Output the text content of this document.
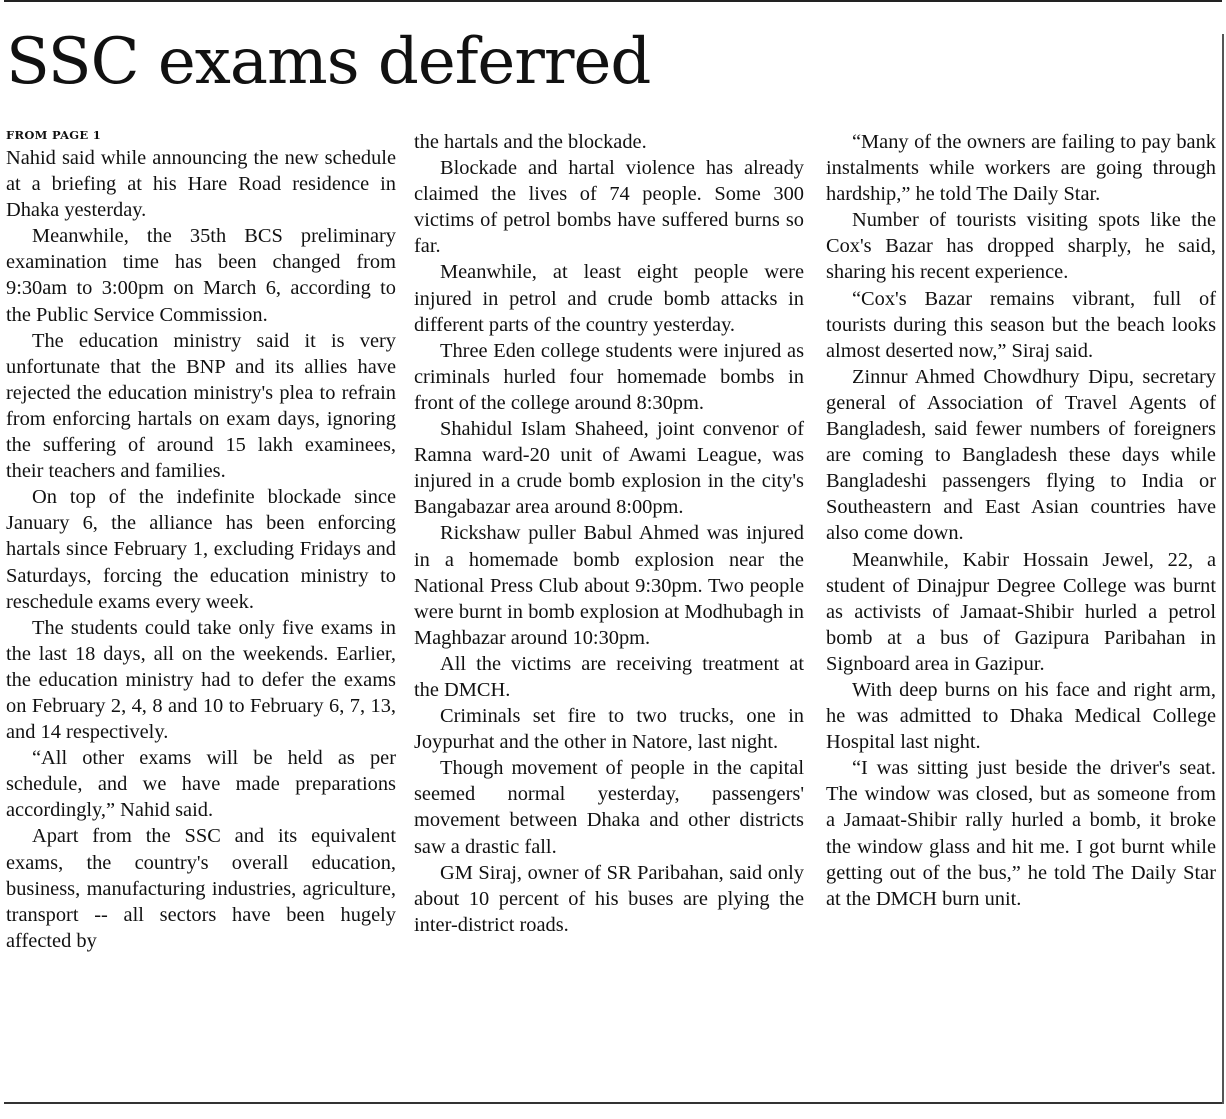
SSC exams deferred
FROM PAGE 1

Nahid said while announcing the new schedule at a briefing at his Hare Road residence in Dhaka yesterday.

Meanwhile, the 35th BCS preliminary examination time has been changed from 9:30am to 3:00pm on March 6, according to the Public Service Commission.

The education ministry said it is very unfortunate that the BNP and its allies have rejected the education ministry's plea to refrain from enforcing hartals on exam days, ignoring the suffering of around 15 lakh examinees, their teachers and families.

On top of the indefinite blockade since January 6, the alliance has been enforcing hartals since February 1, excluding Fridays and Saturdays, forcing the education ministry to reschedule exams every week.

The students could take only five exams in the last 18 days, all on the weekends. Earlier, the education ministry had to defer the exams on February 2, 4, 8 and 10 to February 6, 7, 13, and 14 respectively.

“All other exams will be held as per schedule, and we have made preparations accordingly,” Nahid said.

Apart from the SSC and its equivalent exams, the country's overall education, business, manufacturing industries, agriculture, transport -- all sectors have been hugely affected by

the hartals and the blockade.

Blockade and hartal violence has already claimed the lives of 74 people. Some 300 victims of petrol bombs have suffered burns so far.

Meanwhile, at least eight people were injured in petrol and crude bomb attacks in different parts of the country yesterday.

Three Eden college students were injured as criminals hurled four homemade bombs in front of the college around 8:30pm.

Shahidul Islam Shaheed, joint convenor of Ramna ward-20 unit of Awami League, was injured in a crude bomb explosion in the city's Bangabazar area around 8:00pm.

Rickshaw puller Babul Ahmed was injured in a homemade bomb explosion near the National Press Club about 9:30pm. Two people were burnt in bomb explosion at Modhubagh in Maghbazar around 10:30pm.

All the victims are receiving treatment at the DMCH.

Criminals set fire to two trucks, one in Joypurhat and the other in Natore, last night.

Though movement of people in the capital seemed normal yesterday, passengers' movement between Dhaka and other districts saw a drastic fall.

GM Siraj, owner of SR Paribahan, said only about 10 percent of his buses are plying the inter-district roads.

“Many of the owners are failing to pay bank instalments while workers are going through hardship,” he told The Daily Star.

Number of tourists visiting spots like the Cox's Bazar has dropped sharply, he said, sharing his recent experience.

“Cox's Bazar remains vibrant, full of tourists during this season but the beach looks almost deserted now,” Siraj said.

Zinnur Ahmed Chowdhury Dipu, secretary general of Association of Travel Agents of Bangladesh, said fewer numbers of foreigners are coming to Bangladesh these days while Bangladeshi passengers flying to India or Southeastern and East Asian countries have also come down.

Meanwhile, Kabir Hossain Jewel, 22, a student of Dinajpur Degree College was burnt as activists of Jamaat-Shibir hurled a petrol bomb at a bus of Gazipura Paribahan in Signboard area in Gazipur.

With deep burns on his face and right arm, he was admitted to Dhaka Medical College Hospital last night.

“I was sitting just beside the driver's seat. The window was closed, but as someone from a Jamaat-Shibir rally hurled a bomb, it broke the window glass and hit me. I got burnt while getting out of the bus,” he told The Daily Star at the DMCH burn unit.
